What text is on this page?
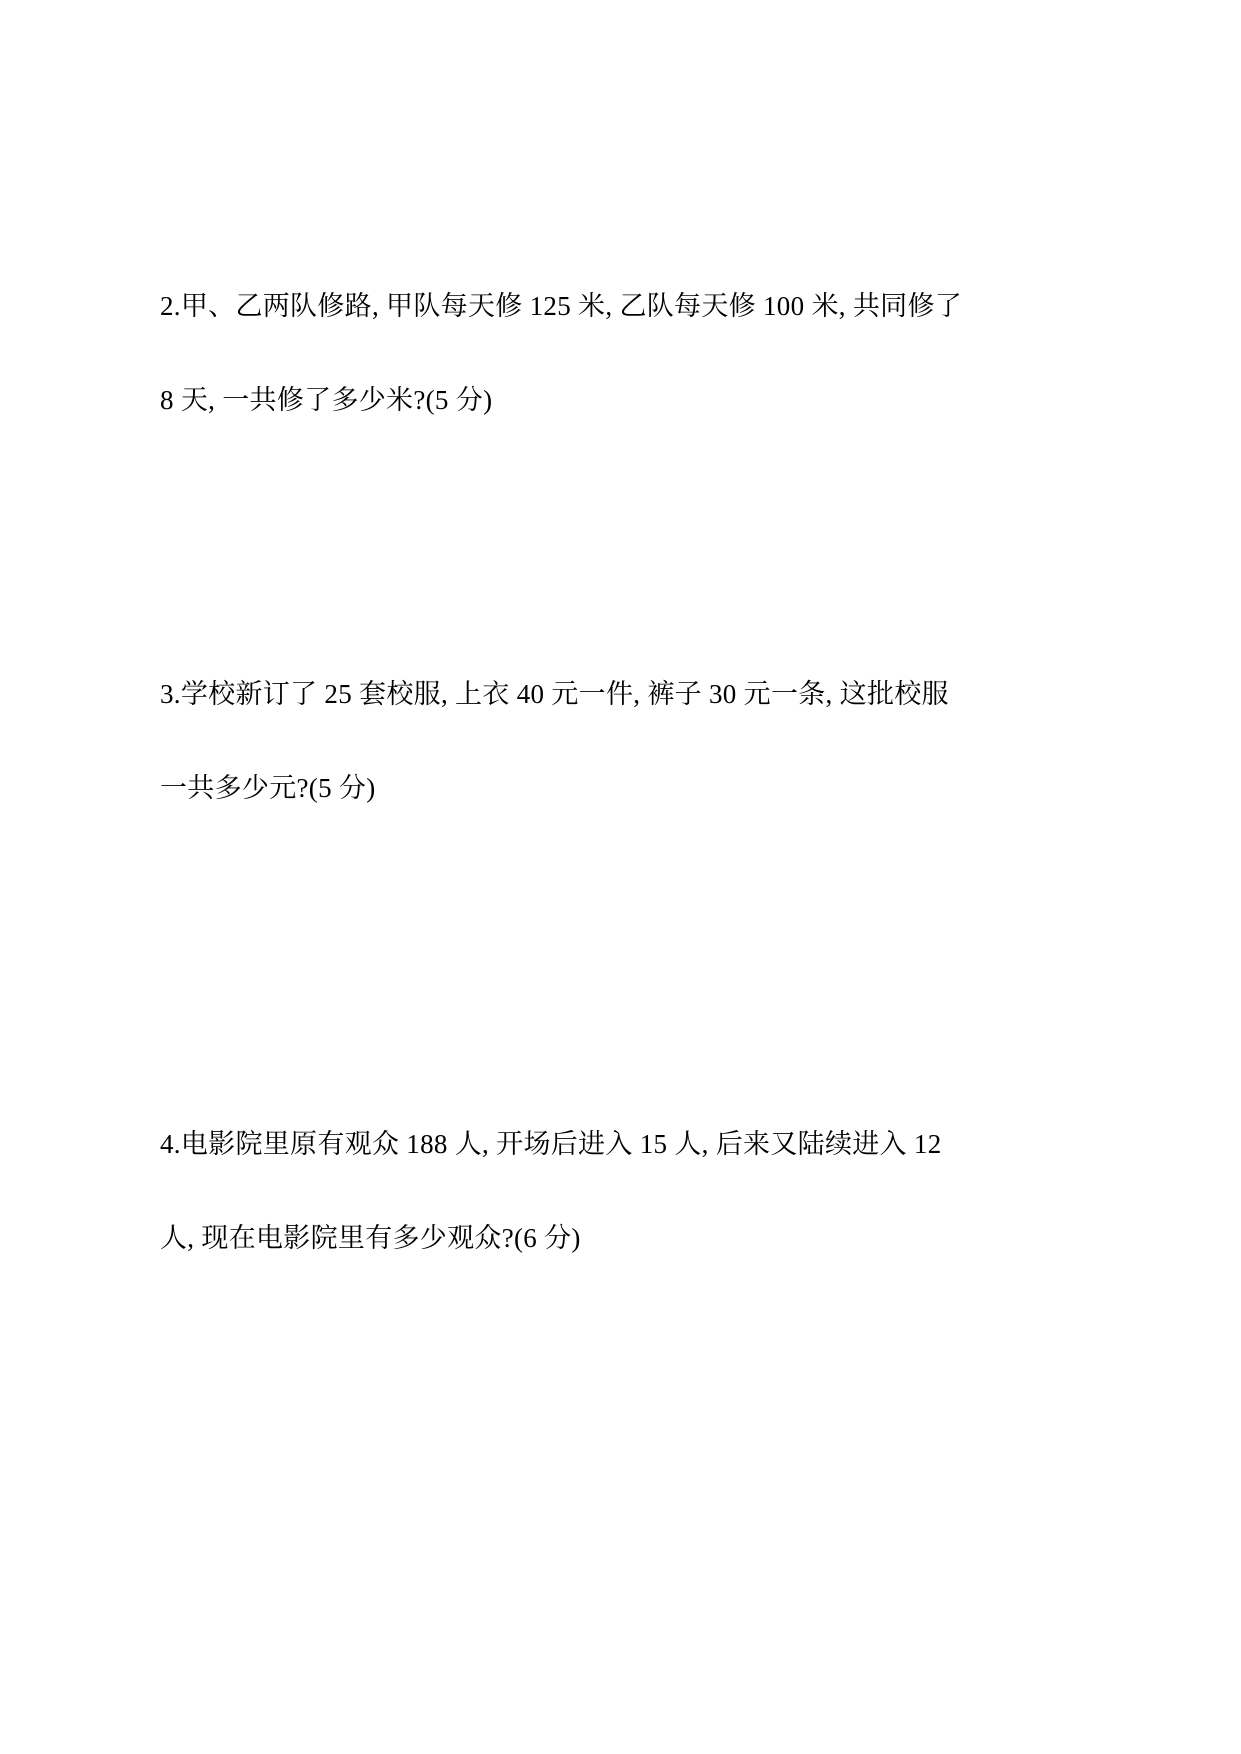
2.甲、乙两队修路, 甲队每天修 125 米, 乙队每天修 100 米, 共同修了
8 天, 一共修了多少米?(5 分)
3.学校新订了 25 套校服, 上衣 40 元一件, 裤子 30 元一条, 这批校服
一共多少元?(5 分)
4.电影院里原有观众 188 人, 开场后进入 15 人, 后来又陆续进入 12
人, 现在电影院里有多少观众?(6 分)
